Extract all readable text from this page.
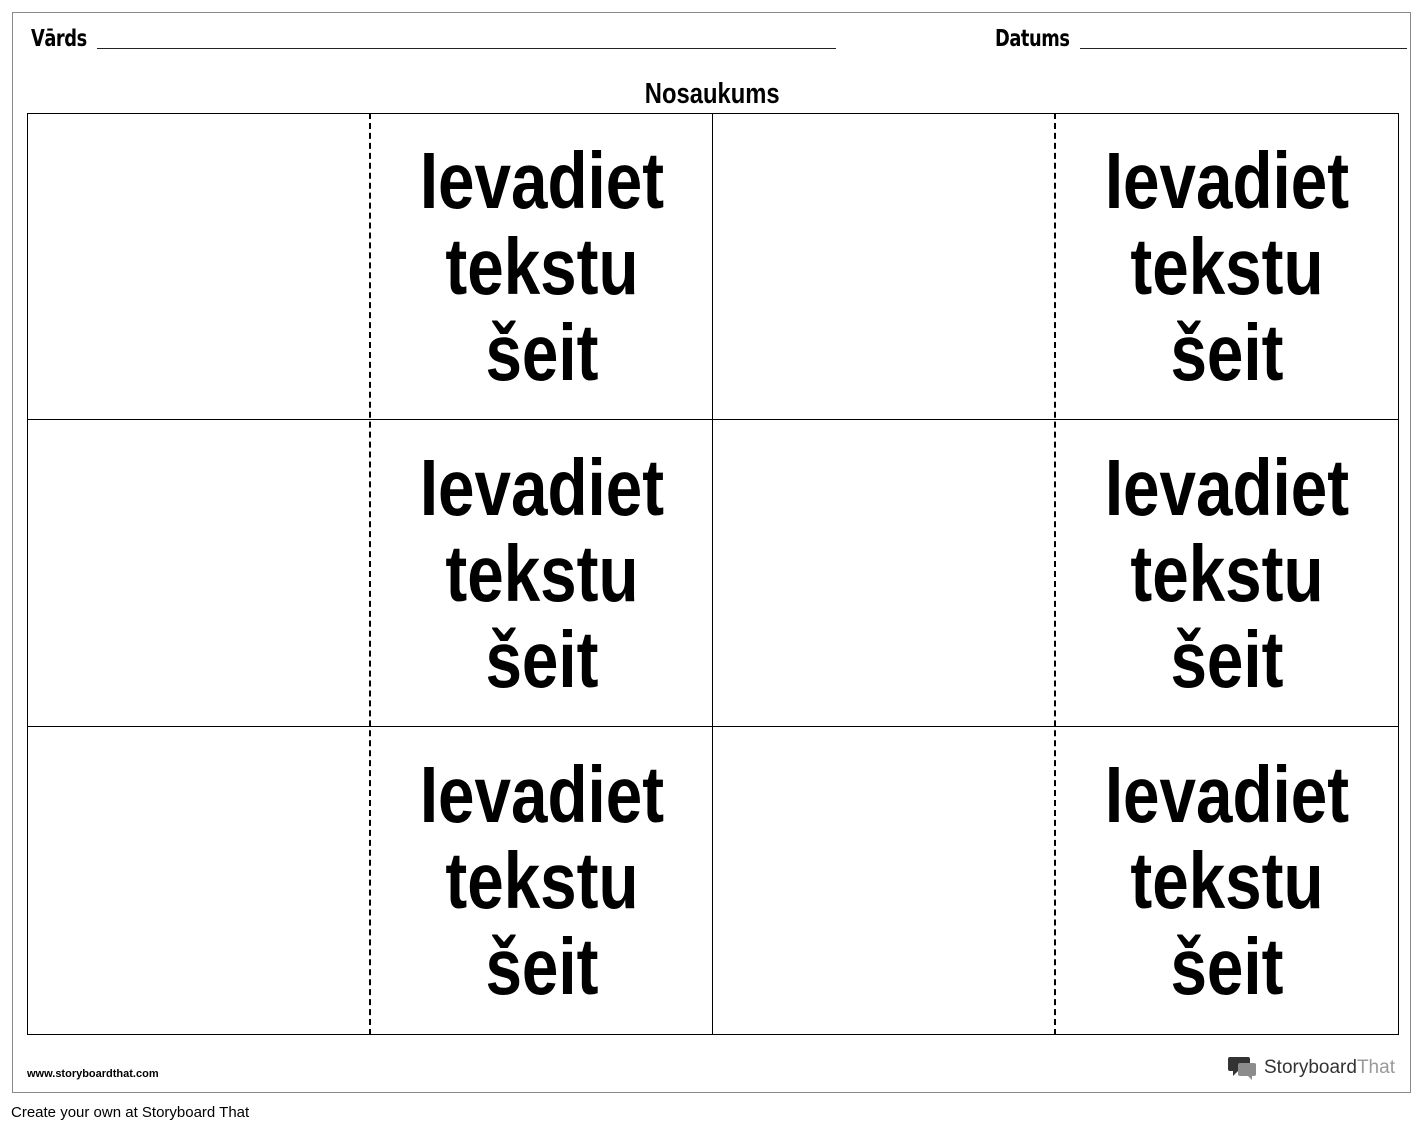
Vārds	Datums
Nosaukums
Ievadiet
tekstu
šeit
Ievadiet
tekstu
šeit
Ievadiet
tekstu
šeit
Ievadiet
tekstu
šeit
Ievadiet
tekstu
šeit
Ievadiet
tekstu
šeit
www.storyboardthat.com	StoryboardThat
Create your own at Storyboard That
